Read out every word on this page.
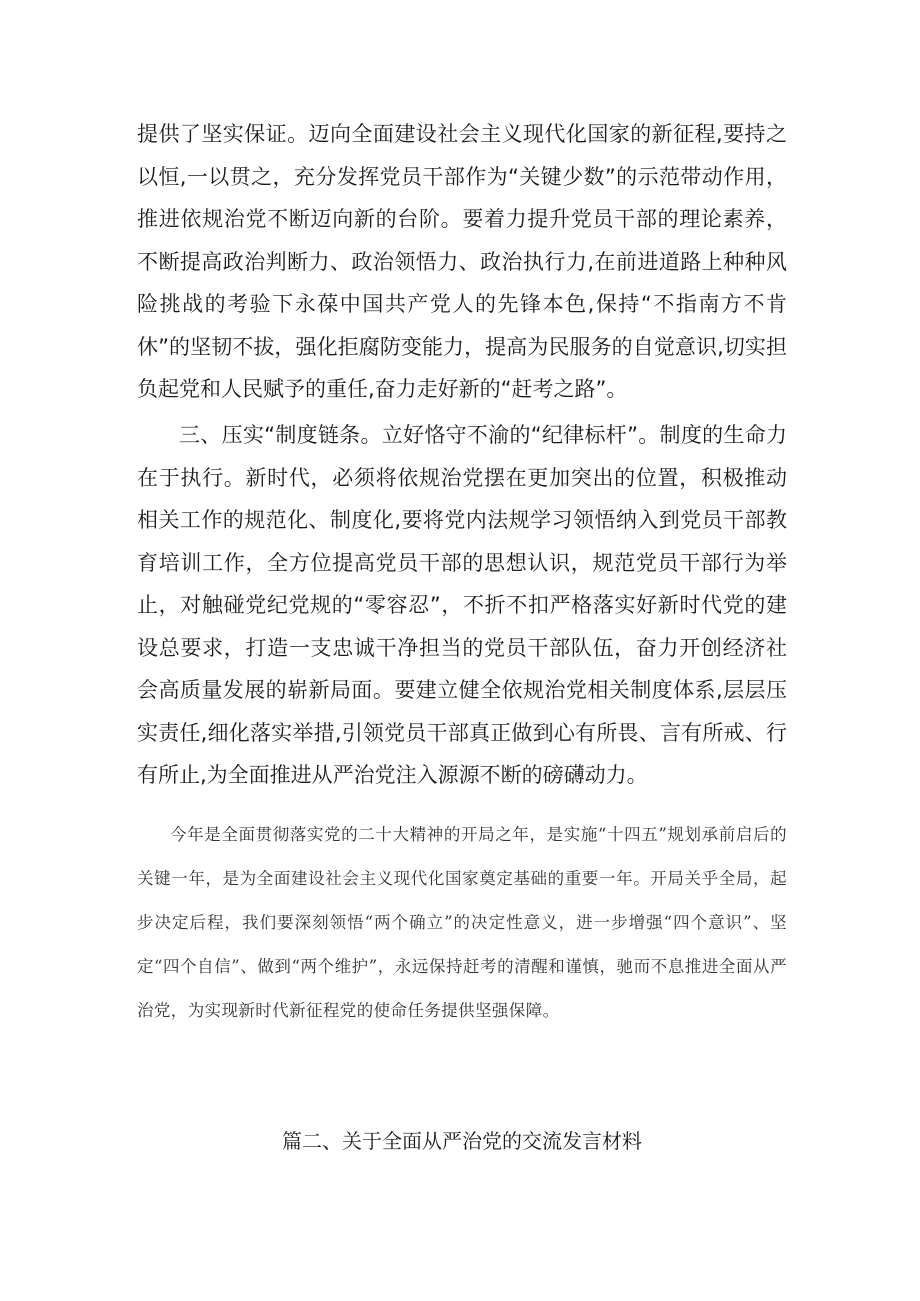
提供了坚实保证。迈向全面建设社会主义现代化国家的新征程,要持之以恒,一以贯之，充分发挥党员干部作为“关键少数”的示范带动作用，推进依规治党不断迈向新的台阶。要着力提升党员干部的理论素养，不断提高政治判断力、政治领悟力、政治执行力,在前进道路上种种风险挑战的考验下永葆中国共产党人的先锋本色,保持“不指南方不肯休”的坚韧不拔，强化拒腐防变能力，提高为民服务的自觉意识,切实担负起党和人民赋予的重任,奋力走好新的“赶考之路”。

三、压实“制度链条。立好恪守不渝的“纪律标杆”。制度的生命力在于执行。新时代，必须将依规治党摆在更加突出的位置，积极推动相关工作的规范化、制度化,要将党内法规学习领悟纳入到党员干部教育培训工作，全方位提高党员干部的思想认识，规范党员干部行为举止，对触碰党纪党规的“零容忍”，不折不扣严格落实好新时代党的建设总要求，打造一支忠诚干净担当的党员干部队伍，奋力开创经济社会高质量发展的崭新局面。要建立健全依规治党相关制度体系,层层压实责任,细化落实举措,引领党员干部真正做到心有所畏、言有所戒、行有所止,为全面推进从严治党注入源源不断的磅礴动力。

今年是全面贯彻落实党的二十大精神的开局之年，是实施“十四五”规划承前启后的关键一年，是为全面建设社会主义现代化国家奠定基础的重要一年。开局关乎全局，起步决定后程，我们要深刻领悟“两个确立”的决定性意义，进一步增强“四个意识”、坚定“四个自信”、做到“两个维护”，永远保持赶考的清醒和谨慎，驰而不息推进全面从严治党，为实现新时代新征程党的使命任务提供坚强保障。

篇二、关于全面从严治党的交流发言材料
